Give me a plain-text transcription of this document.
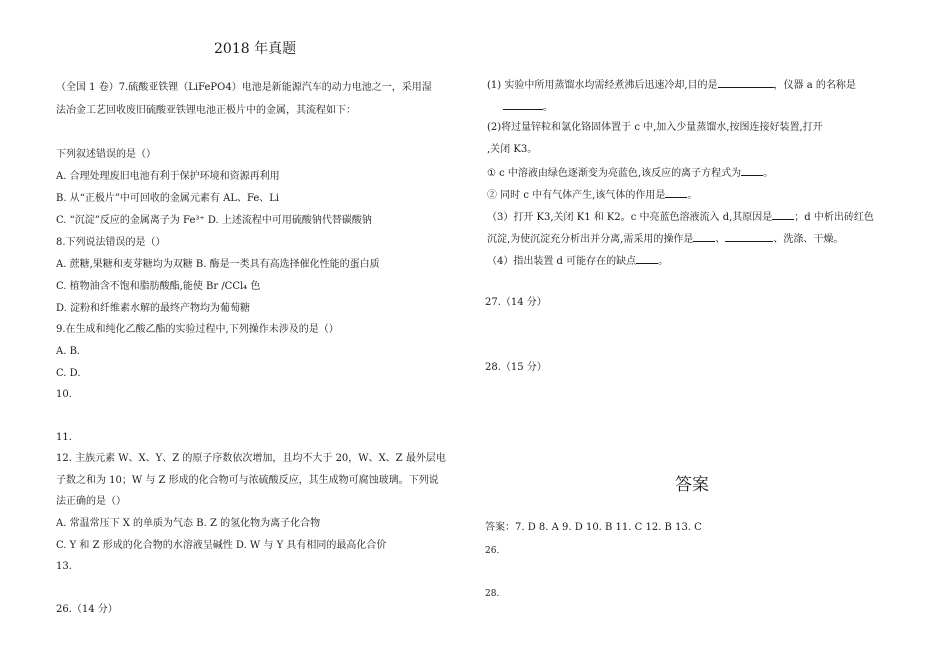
2018 年真题
（全国 1 卷）7.硫酸亚铁锂（LiFePO4）电池是新能源汽车的动力电池之一，采用湿
法冶金工艺回收废旧硫酸亚铁锂电池正极片中的金属，其流程如下：
下列叙述错误的是（）
A. 合理处理废旧电池有利于保护环境和资源再利用
B. 从“正极片”中可回收的金属元素有 AL、Fe、Li
C. “沉淀”反应的金属离子为 Fe³⁺ D. 上述流程中可用硫酸钠代替碳酸钠
8.下列说法错误的是（）
A. 蔗糖,果糖和麦芽糖均为双糖 B. 酶是一类具有高选择催化性能的蛋白质
C. 植物油含不饱和脂肪酸酯,能使 Br /CCl₄ 色
D. 淀粉和纤维素水解的最终产物均为葡萄糖
9.在生成和纯化乙酸乙酯的实验过程中,下列操作未涉及的是（）
A. B.
C. D.
10.
11.
12. 主族元素 W、X、Y、Z 的原子序数依次增加，且均不大于 20，W、X、Z 最外层电
子数之和为 10；W 与 Z 形成的化合物可与浓硫酸反应，其生成物可腐蚀玻璃。下列说
法正确的是（）
A. 常温常压下 X 的单质为气态 B. Z 的氢化物为离子化合物
C. Y 和 Z 形成的化合物的水溶液呈碱性 D. W 与 Y 具有相同的最高化合价
13.
26.（14 分）
(1) 实验中所用蒸馏水均需经煮沸后迅速冷却,目的是	，仪器 a 的名称是
。
(2)将过量锌粒和氯化铬固体置于 c 中,加入少量蒸馏水,按图连接好装置,打开
,关闭 K3。
① c 中溶液由绿色逐渐变为亮蓝色,该反应的离子方程式为 。
② 同时 c 中有气体产生,该气体的作用是 。
（3）打开 K3,关闭 K1 和 K2。c 中亮蓝色溶液流入 d,其原因是 ；d 中析出砖红色
沉淀,为使沉淀充分析出并分离,需采用的操作是 、	、洗涤、干燥。
（4）指出装置 d 可能存在的缺点 。
27.（14 分）
28.（15 分）
答案
答案：7. D 8. A 9. D 10. B 11. C 12. B 13. C
26.
28.
